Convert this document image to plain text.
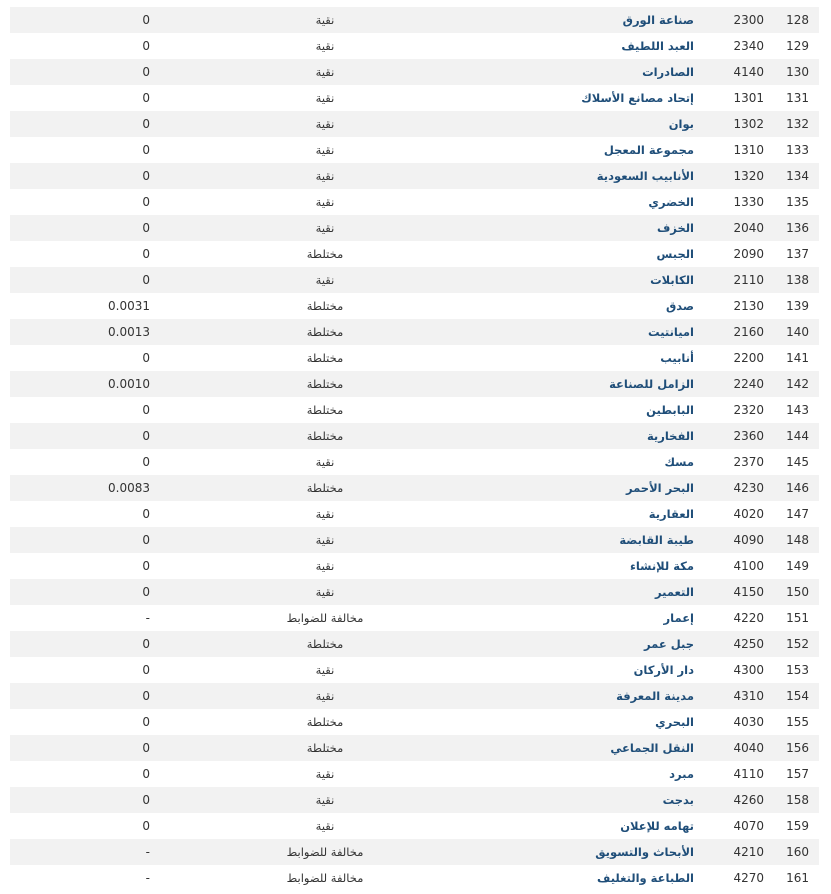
128
2300
صناعة الورق
نقية
0
129
2340
العبد اللطيف
نقية
0
130
4140
الصادرات
نقية
0
131
1301
إتحاد مصانع الأسلاك
نقية
0
132
1302
بوان
نقية
0
133
1310
مجموعة المعجل
نقية
0
134
1320
الأنابيب السعودية
نقية
0
135
1330
الخضري
نقية
0
136
2040
الخزف
نقية
0
137
2090
الجبس
مختلطة
0
138
2110
الكابلات
نقية
0
139
2130
صدق
مختلطة
0.0031
140
2160
اميانتيت
مختلطة
0.0013
141
2200
أنابيب
مختلطة
0
142
2240
الزامل للصناعة
مختلطة
0.0010
143
2320
البابطين
مختلطة
0
144
2360
الفخارية
مختلطة
0
145
2370
مسك
نقية
0
146
4230
البحر الأحمر
مختلطة
0.0083
147
4020
العقارية
نقية
0
148
4090
طيبة القابضة
نقية
0
149
4100
مكة للإنشاء
نقية
0
150
4150
التعمير
نقية
0
151
4220
إعمار
مخالفة للضوابط
-
152
4250
جبل عمر
مختلطة
0
153
4300
دار الأركان
نقية
0
154
4310
مدينة المعرفة
نقية
0
155
4030
البحري
مختلطة
0
156
4040
النقل الجماعي
مختلطة
0
157
4110
مبرد
نقية
0
158
4260
بدجت
نقية
0
159
4070
تهامه للإعلان
نقية
0
160
4210
الأبحاث والتسويق
مخالفة للضوابط
-
161
4270
الطباعة والتغليف
مخالفة للضوابط
-
